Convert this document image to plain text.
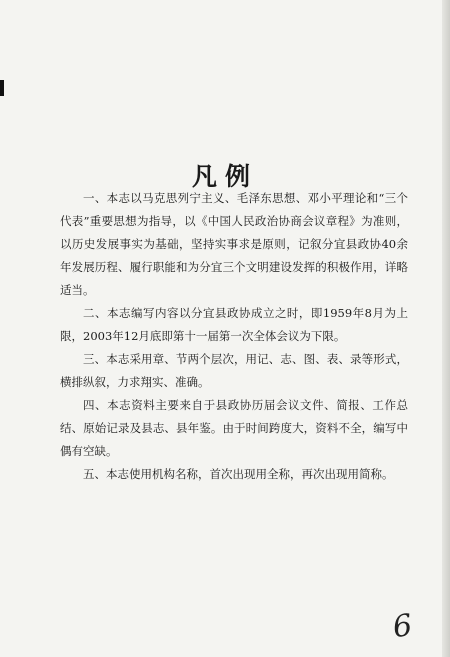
凡例

一、本志以马克思列宁主义、毛泽东思想、邓小平理论和“三个代表”重要思想为指导，以《中国人民政治协商会议章程》为准则，以历史发展事实为基础，坚持实事求是原则，记叙分宜县政协40余年发展历程、履行职能和为分宜三个文明建设发挥的积极作用，详略适当。

二、本志编写内容以分宜县政协成立之时，即1959年8月为上限，2003年12月底即第十一届第一次全体会议为下限。

三、本志采用章、节两个层次，用记、志、图、表、录等形式，横排纵叙，力求翔实、准确。

四、本志资料主要来自于县政协历届会议文件、简报、工作总结、原始记录及县志、县年鉴。由于时间跨度大，资料不全，编写中偶有空缺。

五、本志使用机构名称，首次出现用全称，再次出现用简称。

6
